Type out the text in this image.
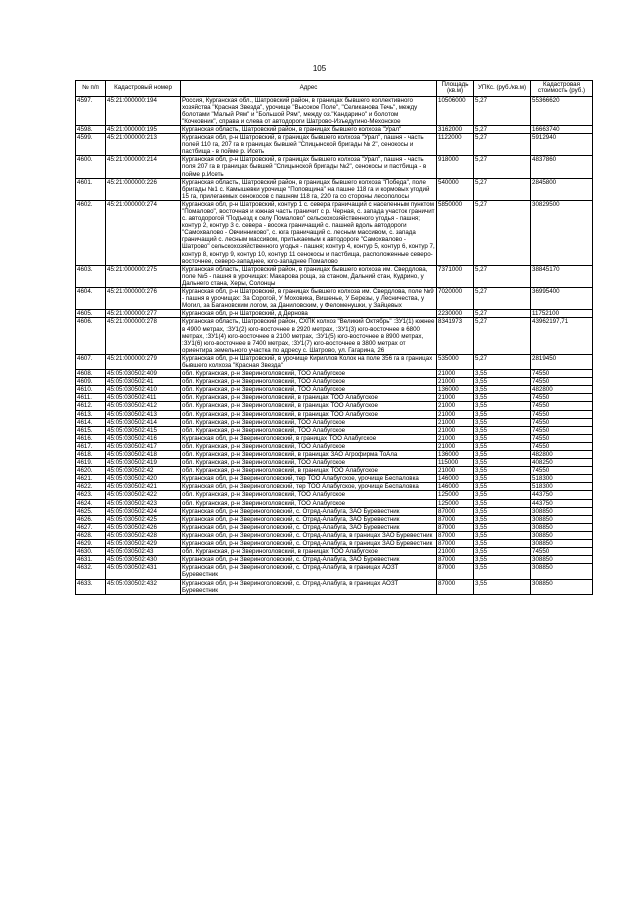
105
№ п/п	Кадастровый номер	Адрес	Площадь (кв.м)	УПКс. (руб./кв.м)	Кадастровая стоимость (руб.)
4597.	45:21:000000:194	Россия, Курганская обл., Шатровский район, в границах бывшего коллективного хозяйства "Красная Звезда", урочище "Высокое Поле", "Селиканова Течь", между болотами "Малый Рям" и "Большой Рям", между оз."Кандарино" и болотом "Кочковник", справа и слева от автодороги Шатрово-Изъедугино-Мехонское	10506000	5,27	55366620
4598.	45:21:000000:195	Курганская область, Шатровский район, в границах бывшего колхоза "Урал"	3162000	5,27	16663740
4599.	45:21:000000:213	Курганская обл, р-н Шатровский, в границах бывшего колхоза "Урал", пашня - часть полей 110 га, 207 га в границах бывшей "Спицынской бригады № 2", сенокосы и пастбища - в пойме р. Исеть	1122000	5,27	5912940
4600.	45:21:000000:214	Курганская обл, р-н Шатровский, в границах бывшего колхоза "Урал", пашня - часть поля 207 га в границах бывшей "Спицынской бригады №2", сенокосы и пастбища - в пойме р.Исеть	918000	5,27	4837860
4601.	45:21:000000:226	Курганская область, Шатровский район, в границах бывшего колхоза "Победа", поле бригады №1 с. Камышевки урочище "Поповщина" на пашне 118 га и кормовых угодий 15 га, прилегаемых сенокосов с пашням 118 га, 220 га со стороны лесополосы	540000	5,27	2845800
4602.	45:21:000000:274	Курганская обл, р-н Шатровский, контур 1 с. севера граничащий с населенным пунктом "Помалово", восточная и южная часть граничит с р. Черная, с. запада участок граничит с. автодорогой "Подъезд к селу Помалово" сельскохозяйственного угодья - пашня; контур 2, контур 3 с. севера - восока граничащий с. пашней вдоль автодороги "Самохвалово - Овчинниково", с. юга граничащий с. лесным массивом, с. запада граничащий с. лесным массивом, притыкаемым к автодороге "Самохвалово - Шатрово" сельскохозяйственного угодья - пашня; контур 4, контур 5, контур 6, контур 7, контур 8, контур 9, контур 10, контур 11 сенокосы и пастбища, расположенные северо-восточнее, северо-западнее, юго-западнее Помалово	5850000	5,27	30829500
4603.	45:21:000000:275	Курганская область, Шатровский район, в границах бывшего колхоза им. Свердлова, поле №5 - пашня в урочищах: Макарова роща, за станом, Дальний стан, Кудрино, у Дальнего стана, Херы, Солонцы	7371000	5,27	38845170
4604.	45:21:000000:276	Курганская обл, р-н Шатровский, в границах бывшего колхоза им. Свердлова, поле №9 - пашня в урочищах: За Сорогой, У Моховика, Вишенье, У Березы, у Лесничества, у Могил, за Багановским логом, за Даниловским, у Феломенушки, у Зайцевых	7020000	5,27	36995400
4605.	45:21:000000:277	Курганская обл, р-н Шатровский, д Дернова	2230000	5,27	11752100
4606.	45:21:000000:278	Курганская область, Шатровский район, СХПК колхоз "Великий Октябрь" :ЗУ1(1) южнее в 4900 метрах, :ЗУ1(2) юго-восточнее в 2920 метрах, :ЗУ1(3) юго-восточнее в 6800 метрах, :ЗУ1(4) юго-восточнее в 2100 метрах, :ЗУ1(5) юго-восточнее в 8900 метрах, :ЗУ1(6) юго-восточнее в 7400 метрах, :ЗУ1(7) юго-восточнее в 3800 метрах от ориентира земельного участка по адресу с. Шатрово, ул. Гагарина, 26	8341973	5,27	43962197,71
4607.	45:21:000000:279	Курганская обл, р-н Шатровский, в урочище Кириллов Колок на поле 356 га в границах бывшего колхоза "Красная Звезда"	535000	5,27	2819450
4608.	45:05:030502:409	обл. Курганская, р-н Звериноголовский, ТОО Алабугское	21000	3,55	74550
4609.	45:05:030502:41	обл. Курганская, р-н Звериноголовский, ТОО Алабугское	21000	3,55	74550
4610.	45:05:030502:410	обл. Курганская, р-н Звериноголовский, ТОО Алабугское	136000	3,55	482800
4611.	45:05:030502:411	обл. Курганская, р-н Звериноголовский, в границах ТОО Алабугское	21000	3,55	74550
4612.	45:05:030502:412	обл. Курганская, р-н Звериноголовский, в границах ТОО Алабугское	21000	3,55	74550
4613.	45:05:030502:413	обл. Курганская, р-н Звериноголовский, в границах ТОО Алабугское	21000	3,55	74550
4614.	45:05:030502:414	обл. Курганская, р-н Звериноголовский, ТОО Алабугское	21000	3,55	74550
4615.	45:05:030502:415	обл. Курганская, р-н Звериноголовский, ТОО Алабугское	21000	3,55	74550
4616.	45:05:030502:416	Курганская обл, р-н Звериноголовский, в границах ТОО Алабугское	21000	3,55	74550
4617.	45:05:030502:417	обл. Курганская, р-н Звериноголовский, ТОО Алабугское	21000	3,55	74550
4618.	45:05:030502:418	обл. Курганская, р-н Звериноголовский, в границах ЗАО Агрофирма ТоАла	136000	3,55	482800
4619.	45:05:030502:419	обл. Курганская, р-н Звериноголовский, ТОО Алабугское	115000	3,55	408250
4620.	45:05:030502:42	обл. Курганская, р-н Звериноголовский, в границах ТОО Алабугское	21000	3,55	74550
4621.	45:05:030502:420	Курганская обл, р-н Звериноголовский, тер ТОО Алабугское, урочище Беспаловка	146000	3,55	518300
4622.	45:05:030502:421	Курганская обл, р-н Звериноголовский, тер ТОО Алабугское, урочище Беспаловка	146000	3,55	518300
4623.	45:05:030502:422	обл. Курганская, р-н Звериноголовский, ТОО Алабугское	125000	3,55	443750
4624.	45:05:030502:423	обл. Курганская, р-н Звериноголовский, ТОО Алабугское	125000	3,55	443750
4625.	45:05:030502:424	Курганская обл, р-н Звериноголовский, с. Отряд-Алабуга, ЗАО Буревестник	87000	3,55	308850
4626.	45:05:030502:425	Курганская обл, р-н Звериноголовский, с. Отряд-Алабуга, ЗАО Буревестник	87000	3,55	308850
4627.	45:05:030502:426	Курганская обл, р-н Звериноголовский, с. Отряд-Алабуга, ЗАО Буревестник	87000	3,55	308850
4628.	45:05:030502:428	Курганская обл, р-н Звериноголовский, с. Отряд-Алабуга, в границах ЗАО Буревестник	87000	3,55	308850
4629.	45:05:030502:429	Курганская обл, р-н Звериноголовский, с. Отряд-Алабуга, в границах ЗАО Буревестник	87000	3,55	308850
4630.	45:05:030502:43	обл. Курганская, р-н Звериноголовский, в границах ТОО Алабугское	21000	3,55	74550
4631.	45:05:030502:430	Курганская обл, р-н Звериноголовский, с. Отряд-Алабуга, ЗАО Буревестник	87000	3,55	308850
4632.	45:05:030502:431	Курганская обл, р-н Звериноголовский, с. Отряд-Алабуга, в границах АОЗТ Буревестник	87000	3,55	308850
4633.	45:05:030502:432	Курганская обл, р-н Звериноголовский, с. Отряд-Алабуга, в границах АОЗТ Буревестник	87000	3,55	308850
